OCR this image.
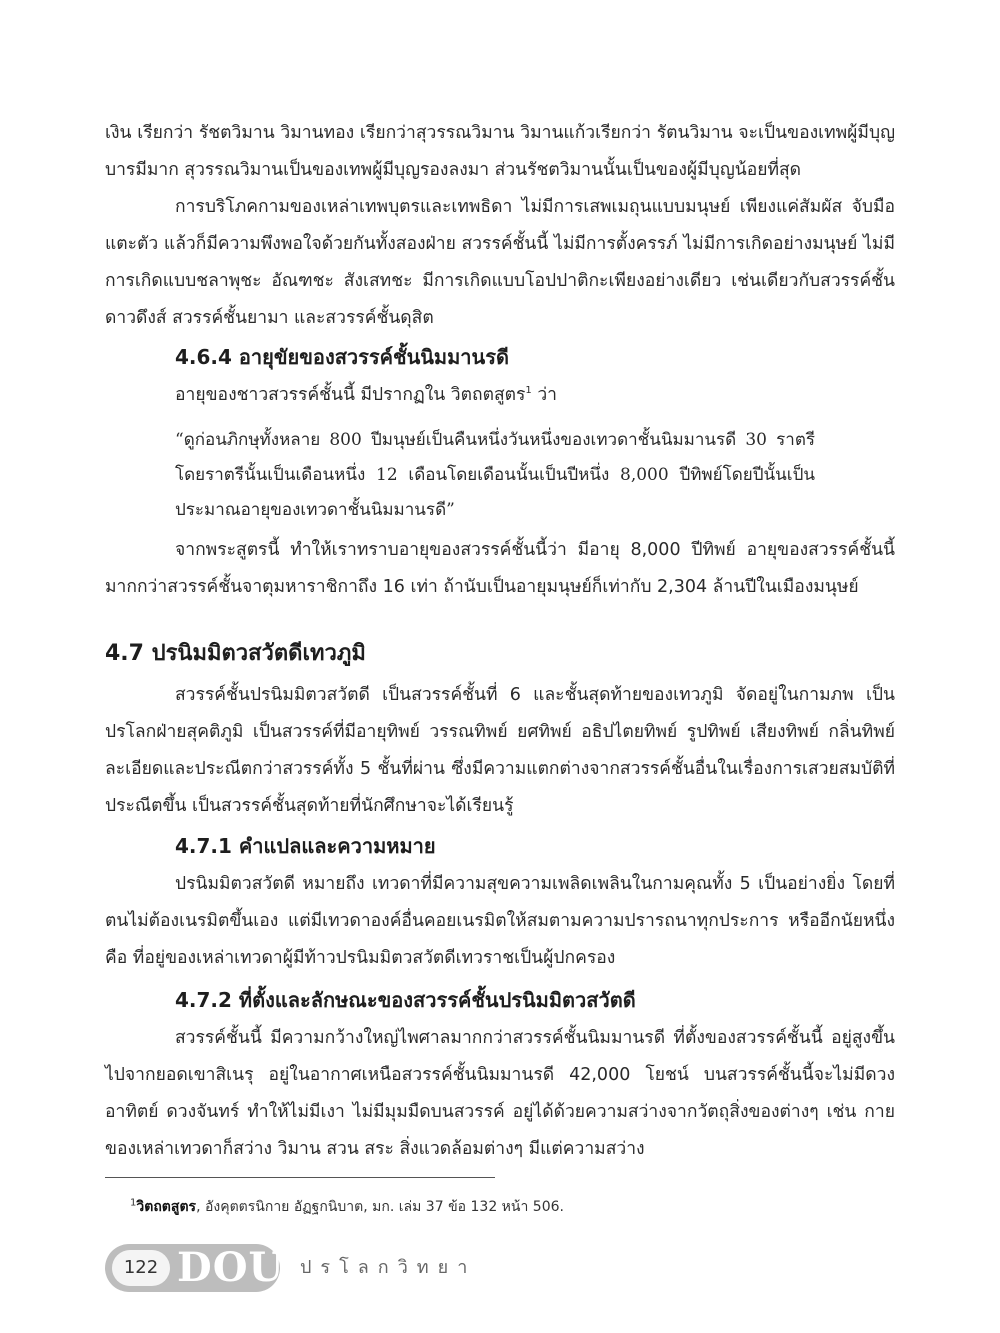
เงิน เรียกว่า รัชตวิมาน วิมานทอง เรียกว่าสุวรรณวิมาน วิมานแก้วเรียกว่า รัตนวิมาน จะเป็นของเทพผู้มีบุญบารมีมาก สุวรรณวิมานเป็นของเทพผู้มีบุญรองลงมา ส่วนรัชตวิมานนั้นเป็นของผู้มีบุญน้อยที่สุด

การบริโภคกามของเหล่าเทพบุตรและเทพธิดา ไม่มีการเสพเมถุนแบบมนุษย์ เพียงแค่สัมผัส จับมือ แตะตัว แล้วก็มีความพึงพอใจด้วยกันทั้งสองฝ่าย สวรรค์ชั้นนี้ ไม่มีการตั้งครรภ์ ไม่มีการเกิดอย่างมนุษย์ ไม่มีการเกิดแบบชลาพุชะ อัณฑชะ สังเสทชะ มีการเกิดแบบโอปปาติกะเพียงอย่างเดียว เช่นเดียวกับสวรรค์ชั้นดาวดึงส์ สวรรค์ชั้นยามา และสวรรค์ชั้นดุสิต

4.6.4 อายุขัยของสวรรค์ชั้นนิมมานรดี

อายุของชาวสวรรค์ชั้นนี้ มีปรากฏใน วิตถตสูตร$^1$ ว่า

“ดูก่อนภิกษุทั้งหลาย 800 ปีมนุษย์เป็นคืนหนึ่งวันหนึ่งของเทวดาชั้นนิมมานรดี 30 ราตรีโดยราตรีนั้นเป็นเดือนหนึ่ง 12 เดือนโดยเดือนนั้นเป็นปีหนึ่ง 8,000 ปีทิพย์โดยปีนั้นเป็นประมาณอายุของเทวดาชั้นนิมมานรดี”

จากพระสูตรนี้ ทำให้เราทราบอายุของสวรรค์ชั้นนี้ว่า มีอายุ 8,000 ปีทิพย์ อายุของสวรรค์ชั้นนี้มากกว่าสวรรค์ชั้นจาตุมหาราชิกาถึง 16 เท่า ถ้านับเป็นอายุมนุษย์ก็เท่ากับ 2,304 ล้านปีในเมืองมนุษย์

4.7 ปรนิมมิตวสวัตดีเทวภูมิ

สวรรค์ชั้นปรนิมมิตวสวัตดี เป็นสวรรค์ชั้นที่ 6 และชั้นสุดท้ายของเทวภูมิ จัดอยู่ในกามภพ เป็นปรโลกฝ่ายสุคติภูมิ เป็นสวรรค์ที่มีอายุทิพย์ วรรณทิพย์ ยศทิพย์ อธิปไตยทิพย์ รูปทิพย์ เสียงทิพย์ กลิ่นทิพย์ ละเอียดและประณีตกว่าสวรรค์ทั้ง 5 ชั้นที่ผ่าน ซึ่งมีความแตกต่างจากสวรรค์ชั้นอื่นในเรื่องการเสวยสมบัติที่ประณีตขึ้น เป็นสวรรค์ชั้นสุดท้ายที่นักศึกษาจะได้เรียนรู้

4.7.1 คำแปลและความหมาย

ปรนิมมิตวสวัตดี หมายถึง เทวดาที่มีความสุขความเพลิดเพลินในกามคุณทั้ง 5 เป็นอย่างยิ่ง โดยที่ตนไม่ต้องเนรมิตขึ้นเอง แต่มีเทวดาองค์อื่นคอยเนรมิตให้สมตามความปรารถนาทุกประการ หรืออีกนัยหนึ่ง คือ ที่อยู่ของเหล่าเทวดาผู้มีท้าวปรนิมมิตวสวัตดีเทวราชเป็นผู้ปกครอง

4.7.2 ที่ตั้งและลักษณะของสวรรค์ชั้นปรนิมมิตวสวัตดี

สวรรค์ชั้นนี้ มีความกว้างใหญ่ไพศาลมากกว่าสวรรค์ชั้นนิมมานรดี ที่ตั้งของสวรรค์ชั้นนี้ อยู่สูงขึ้นไปจากยอดเขาสิเนรุ อยู่ในอากาศเหนือสวรรค์ชั้นนิมมานรดี 42,000 โยชน์ บนสวรรค์ชั้นนี้จะไม่มีดวงอาทิตย์ ดวงจันทร์ ทำให้ไม่มีเงา ไม่มีมุมมืดบนสวรรค์ อยู่ได้ด้วยความสว่างจากวัตถุสิ่งของต่างๆ เช่น กายของเหล่าเทวดาก็สว่าง วิมาน สวน สระ สิ่งแวดล้อมต่างๆ มีแต่ความสว่าง

$^1$วิตถตสูตร, อังคุตตรนิกาย อัฏฐกนิบาต, มก. เล่ม 37 ข้อ 132 หน้า 506.
122 DOU ปรโลกวิทยา
